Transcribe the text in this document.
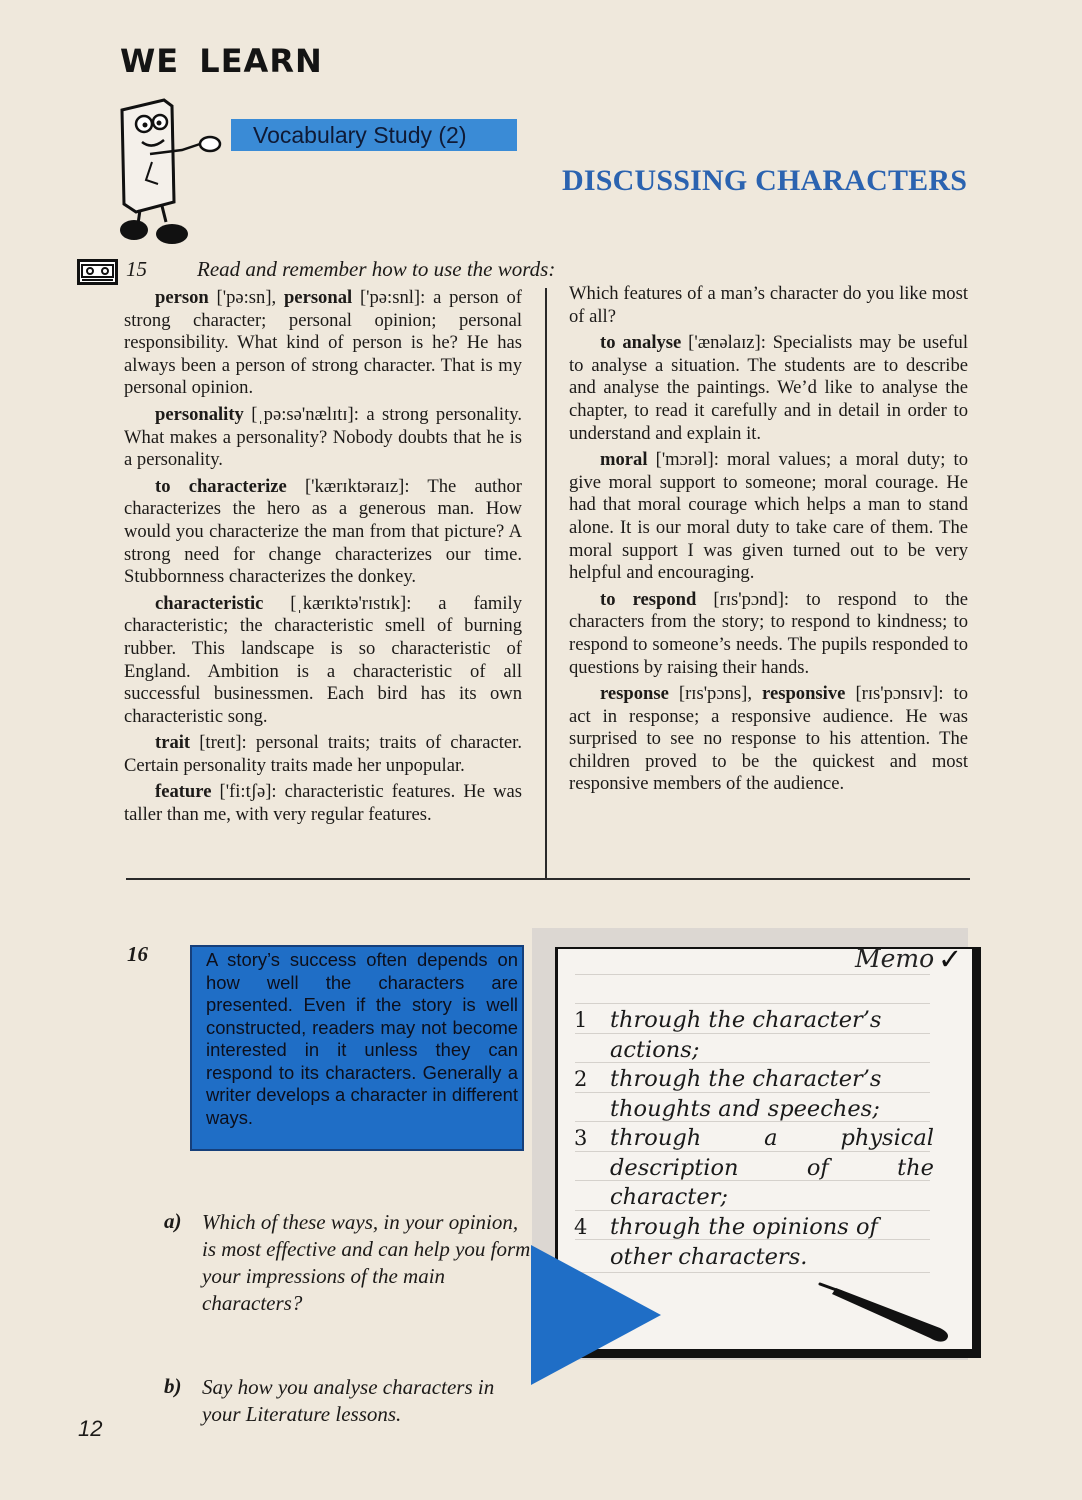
WE LEARN
Vocabulary Study (2)
DISCUSSING CHARACTERS
15 Read and remember how to use the words:

person ['pə:sn], personal ['pə:snl]: a person of strong character; personal opinion; personal responsibility. What kind of person is he? He has always been a person of strong character. That is my personal opinion.

personality [ˌpə:sə'nælɪtɪ]: a strong personality. What makes a personality? Nobody doubts that he is a personality.

to characterize ['kærɪktəraɪz]: The author characterizes the hero as a generous man. How would you characterize the man from that picture? A strong need for change characterizes our time. Stubbornness characterizes the donkey.

characteristic [ˌkærɪktə'rɪstɪk]: a family characteristic; the characteristic smell of burning rubber. This landscape is so characteristic of England. Ambition is a characteristic of all successful businessmen. Each bird has its own characteristic song.

trait [treɪt]: personal traits; traits of character. Certain personality traits made her unpopular.

feature ['fi:tʃə]: characteristic features. He was taller than me, with very regular features.

Which features of a man’s character do you like most of all?

to analyse ['ænəlaɪz]: Specialists may be useful to analyse a situation. The students are to describe and analyse the paintings. We’d like to analyse the chapter, to read it carefully and in detail in order to understand and explain it.

moral ['mɔrəl]: moral values; a moral duty; to give moral support to someone; moral courage. He had that moral courage which helps a man to stand alone. It is our moral duty to take care of them. The moral support I was given turned out to be very helpful and encouraging.

to respond [rɪs'pɔnd]: to respond to the characters from the story; to respond to kindness; to respond to someone’s needs. The pupils responded to questions by raising their hands.

response [rɪs'pɔns], responsive [rɪs'pɔnsɪv]: to act in response; a responsive audience. He was surprised to see no response to his attention. The children proved to be the quickest and most responsive members of the audience.

16	A story’s success often depends on how well the characters are presented. Even if the story is well constructed, readers may not become interested in it unless they can respond to its characters. Generally a writer develops a character in different ways.
a) Which of these ways, in your opinion, is most effective and can help you form your impressions of the main characters?
b) Say how you analyse characters in your Literature lessons.
Memo ✓
1	through the character’s actions;
2	through the character’s thoughts and speeches;
3	through a physical description of the character;
4	through the opinions of other characters.
12
